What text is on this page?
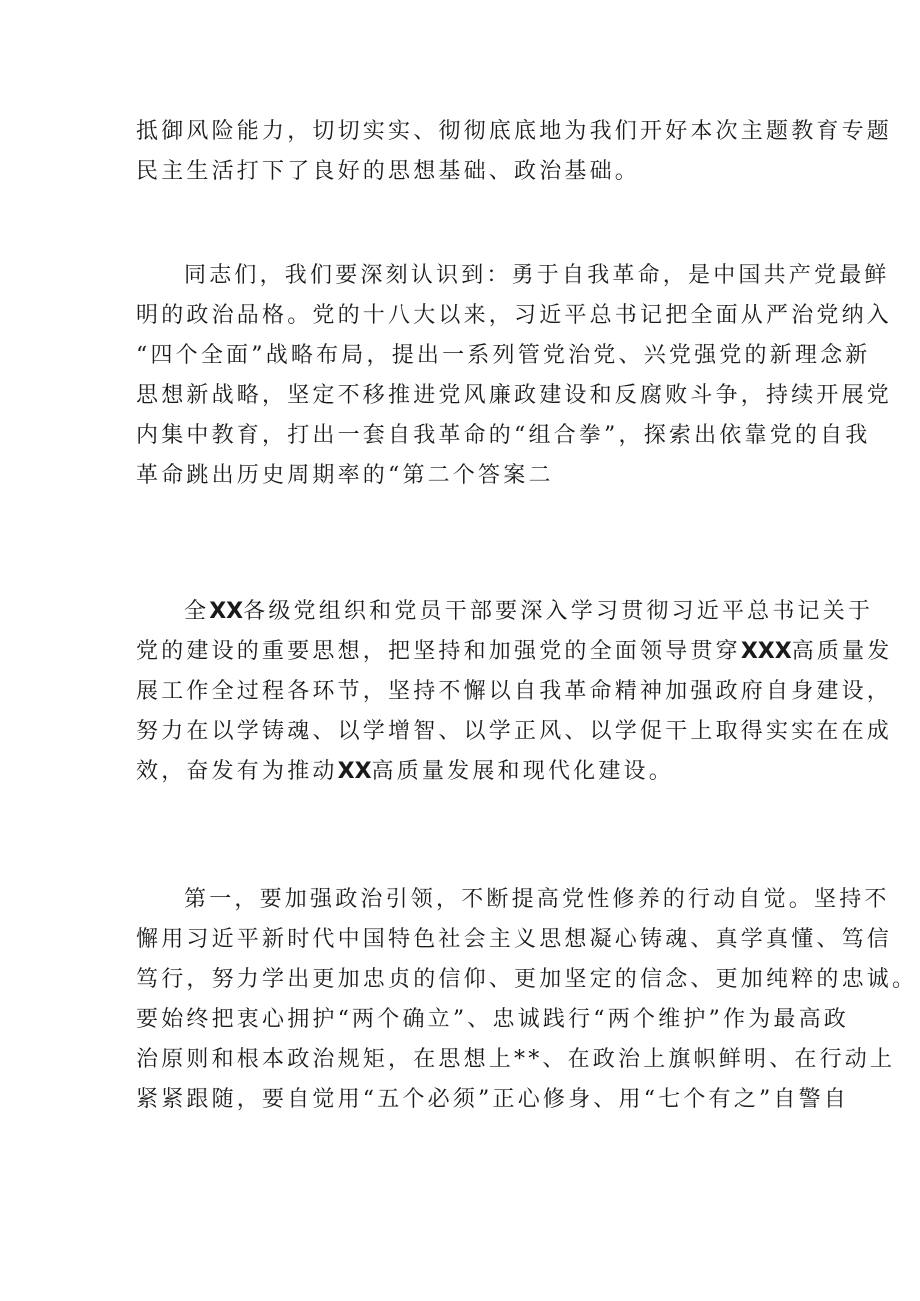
抵御风险能力，切切实实、彻彻底底地为我们开好本次主题教育专题
民主生活打下了良好的思想基础、政治基础。
同志们，我们要深刻认识到：勇于自我革命，是中国共产党最鲜
明的政治品格。党的十八大以来，习近平总书记把全面从严治党纳入
“四个全面”战略布局，提出一系列管党治党、兴党强党的新理念新
思想新战略，坚定不移推进党风廉政建设和反腐败斗争，持续开展党
内集中教育，打出一套自我革命的“组合拳”，探索出依靠党的自我
革命跳出历史周期率的“第二个答案二
全XX各级党组织和党员干部要深入学习贯彻习近平总书记关于
党的建设的重要思想，把坚持和加强党的全面领导贯穿XXX高质量发
展工作全过程各环节，坚持不懈以自我革命精神加强政府自身建设，
努力在以学铸魂、以学增智、以学正风、以学促干上取得实实在在成
效，奋发有为推动XX高质量发展和现代化建设。
第一，要加强政治引领，不断提高党性修养的行动自觉。坚持不
懈用习近平新时代中国特色社会主义思想凝心铸魂、真学真懂、笃信
笃行，努力学出更加忠贞的信仰、更加坚定的信念、更加纯粹的忠诚。
要始终把衷心拥护“两个确立”、忠诚践行“两个维护”作为最高政
治原则和根本政治规矩，在思想上**、在政治上旗帜鲜明、在行动上
紧紧跟随，要自觉用“五个必须”正心修身、用“七个有之”自警自
